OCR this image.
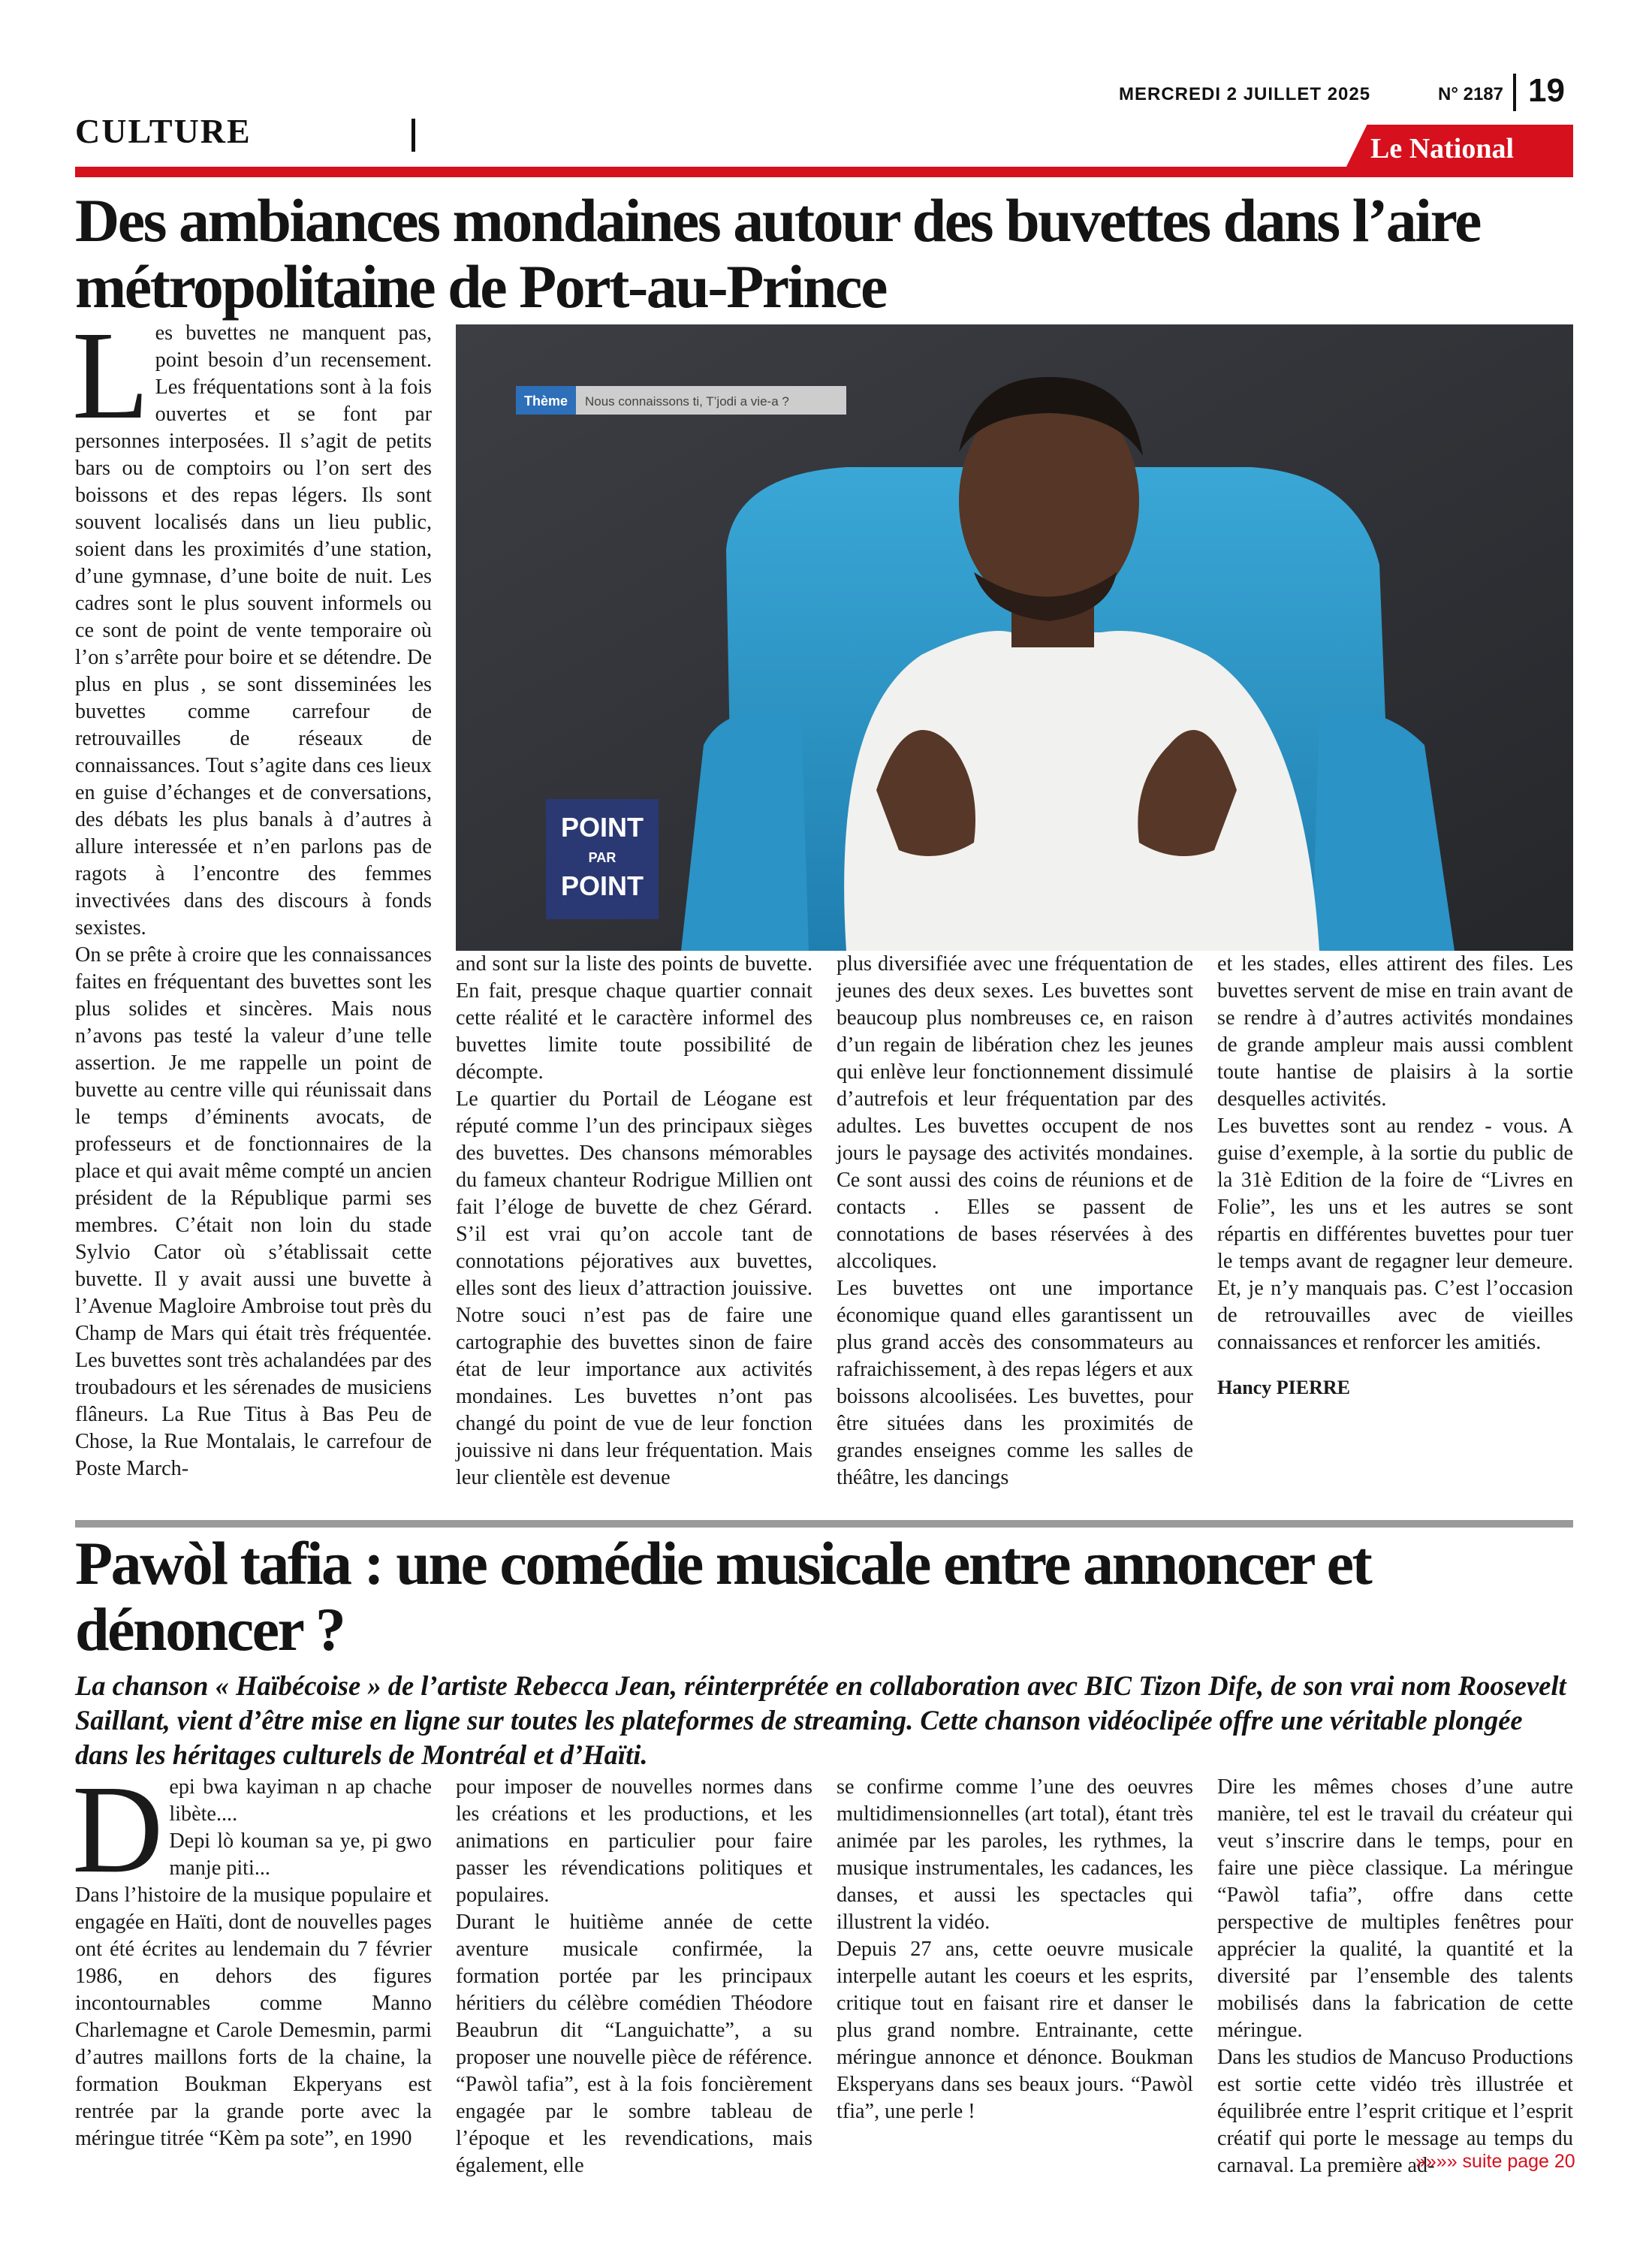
CULTURE
MERCREDI 2 JUILLET 2025	N° 2187 19
Le National
Des ambiances mondaines autour des buvettes dans l’aire métropolitaine de Port-au-Prince
L es buvettes ne manquent pas, point besoin d’un recensement. Les fréquentations sont à la fois ouvertes et se font par personnes interposées. Il s’agit de petits bars ou de comptoirs ou l’on sert des boissons et des repas légers. Ils sont souvent localisés dans un lieu public, soient dans les proximités d’une station, d’une gymnase, d’une boite de nuit. Les cadres sont le plus souvent informels ou ce sont de point de vente temporaire où l’on s’arrête pour boire et se détendre. De plus en plus , se sont disseminées les buvettes comme carrefour de retrouvailles de réseaux de connaissances. Tout s’agite dans ces lieux en guise d’échanges et de conversations, des débats les plus banals à d’autres à allure interessée et n’en parlons pas de ragots à l’encontre des femmes invectivées dans des discours à fonds sexistes.

On se prête à croire que les connaissances faites en fréquentant des buvettes sont les plus solides et sincères. Mais nous n’avons pas testé la valeur d’une telle assertion. Je me rappelle un point de buvette au centre ville qui réunissait dans le temps d’éminents avocats, de professeurs et de fonctionnaires de la place et qui avait même compté un ancien président de la République parmi ses membres. C’était non loin du stade Sylvio Cator où s’établissait cette buvette. Il y avait aussi une buvette à l’Avenue Magloire Ambroise tout près du Champ de Mars qui était très fréquentée. Les buvettes sont très achalandées par des troubadours et les sérenades de musiciens flâneurs. La Rue Titus à Bas Peu de Chose, la Rue Montalais, le carrefour de Poste March-

Thème Nous connaissons ti, T’jodi a vie-a ?
POINT
PAR
POINT

and sont sur la liste des points de buvette. En fait, presque chaque quartier connait cette réalité et le caractère informel des buvettes limite toute possibilité de décompte.

Le quartier du Portail de Léogane est réputé comme l’un des principaux sièges des buvettes. Des chansons mémorables du fameux chanteur Rodrigue Millien ont fait l’éloge de buvette de chez Gérard. S’il est vrai qu’on accole tant de connotations péjoratives aux buvettes, elles sont des lieux d’attraction jouissive. Notre souci n’est pas de faire une cartographie des buvettes sinon de faire état de leur importance aux activités mondaines. Les buvettes n’ont pas changé du point de vue de leur fonction jouissive ni dans leur fréquentation. Mais leur clientèle est devenue

plus diversifiée avec une fréquentation de jeunes des deux sexes. Les buvettes sont beaucoup plus nombreuses ce, en raison d’un regain de libération chez les jeunes qui enlève leur fonctionnement dissimulé d’autrefois et leur fréquentation par des adultes. Les buvettes occupent de nos jours le paysage des activités mondaines. Ce sont aussi des coins de réunions et de contacts . Elles se passent de connotations de bases réservées à des alccoliques.

Les buvettes ont une importance économique quand elles garantissent un plus grand accès des consommateurs au rafraichissement, à des repas légers et aux boissons alcoolisées. Les buvettes, pour être situées dans les proximités de grandes enseignes comme les salles de théâtre, les dancings

et les stades, elles attirent des files. Les buvettes servent de mise en train avant de se rendre à d’autres activités mondaines de grande ampleur mais aussi comblent toute hantise de plaisirs à la sortie desquelles activités.

Les buvettes sont au rendez - vous. A guise d’exemple, à la sortie du public de la 31è Edition de la foire de “Livres en Folie”, les uns et les autres se sont répartis en différentes buvettes pour tuer le temps avant de regagner leur demeure. Et, je n’y manquais pas. C’est l’occasion de retrouvailles avec de vieilles connaissances et renforcer les amitiés.

Hancy PIERRE

Pawòl tafia : une comédie musicale entre annoncer et dénoncer ?

La chanson « Haïbécoise » de l’artiste Rebecca Jean, réinterprétée en collaboration avec BIC Tizon Dife, de son vrai nom Roosevelt Saillant, vient d’être mise en ligne sur toutes les plateformes de streaming. Cette chanson vidéoclipée offre une véritable plongée dans les héritages culturels de Montréal et d’Haïti.

D epi bwa kayiman n ap chache libète....

Depi lò kouman sa ye, pi gwo manje piti...

Dans l’histoire de la musique populaire et engagée en Haïti, dont de nouvelles pages ont été écrites au lendemain du 7 février 1986, en dehors des figures incontournables comme Manno Charlemagne et Carole Demesmin, parmi d’autres maillons forts de la chaine, la formation Boukman Ekperyans est rentrée par la grande porte avec la méringue titrée “Kèm pa sote”, en 1990

pour imposer de nouvelles normes dans les créations et les productions, et les animations en particulier pour faire passer les révendications politiques et populaires.

Durant le huitième année de cette aventure musicale confirmée, la formation portée par les principaux héritiers du célèbre comédien Théodore Beaubrun dit “Languichatte”, a su proposer une nouvelle pièce de référence. “Pawòl tafia”, est à la fois foncièrement engagée par le sombre tableau de l’époque et les revendications, mais également, elle

se confirme comme l’une des oeuvres multidimensionnelles (art total), étant très animée par les paroles, les rythmes, la musique instrumentales, les cadances, les danses, et aussi les spectacles qui illustrent la vidéo.

Depuis 27 ans, cette oeuvre musicale interpelle autant les coeurs et les esprits, critique tout en faisant rire et danser le plus grand nombre. Entrainante, cette méringue annonce et dénonce. Boukman Eksperyans dans ses beaux jours. “Pawòl tfia”, une perle !

Dire les mêmes choses d’une autre manière, tel est le travail du créateur qui veut s’inscrire dans le temps, pour en faire une pièce classique. La méringue “Pawòl tafia”, offre dans cette perspective de multiples fenêtres pour apprécier la qualité, la quantité et la diversité par l’ensemble des talents mobilisés dans la fabrication de cette méringue.

Dans les studios de Mancuso Productions est sortie cette vidéo très illustrée et équilibrée entre l’esprit critique et l’esprit créatif qui porte le message au temps du carnaval. La première ad-

»»»» suite page 20
